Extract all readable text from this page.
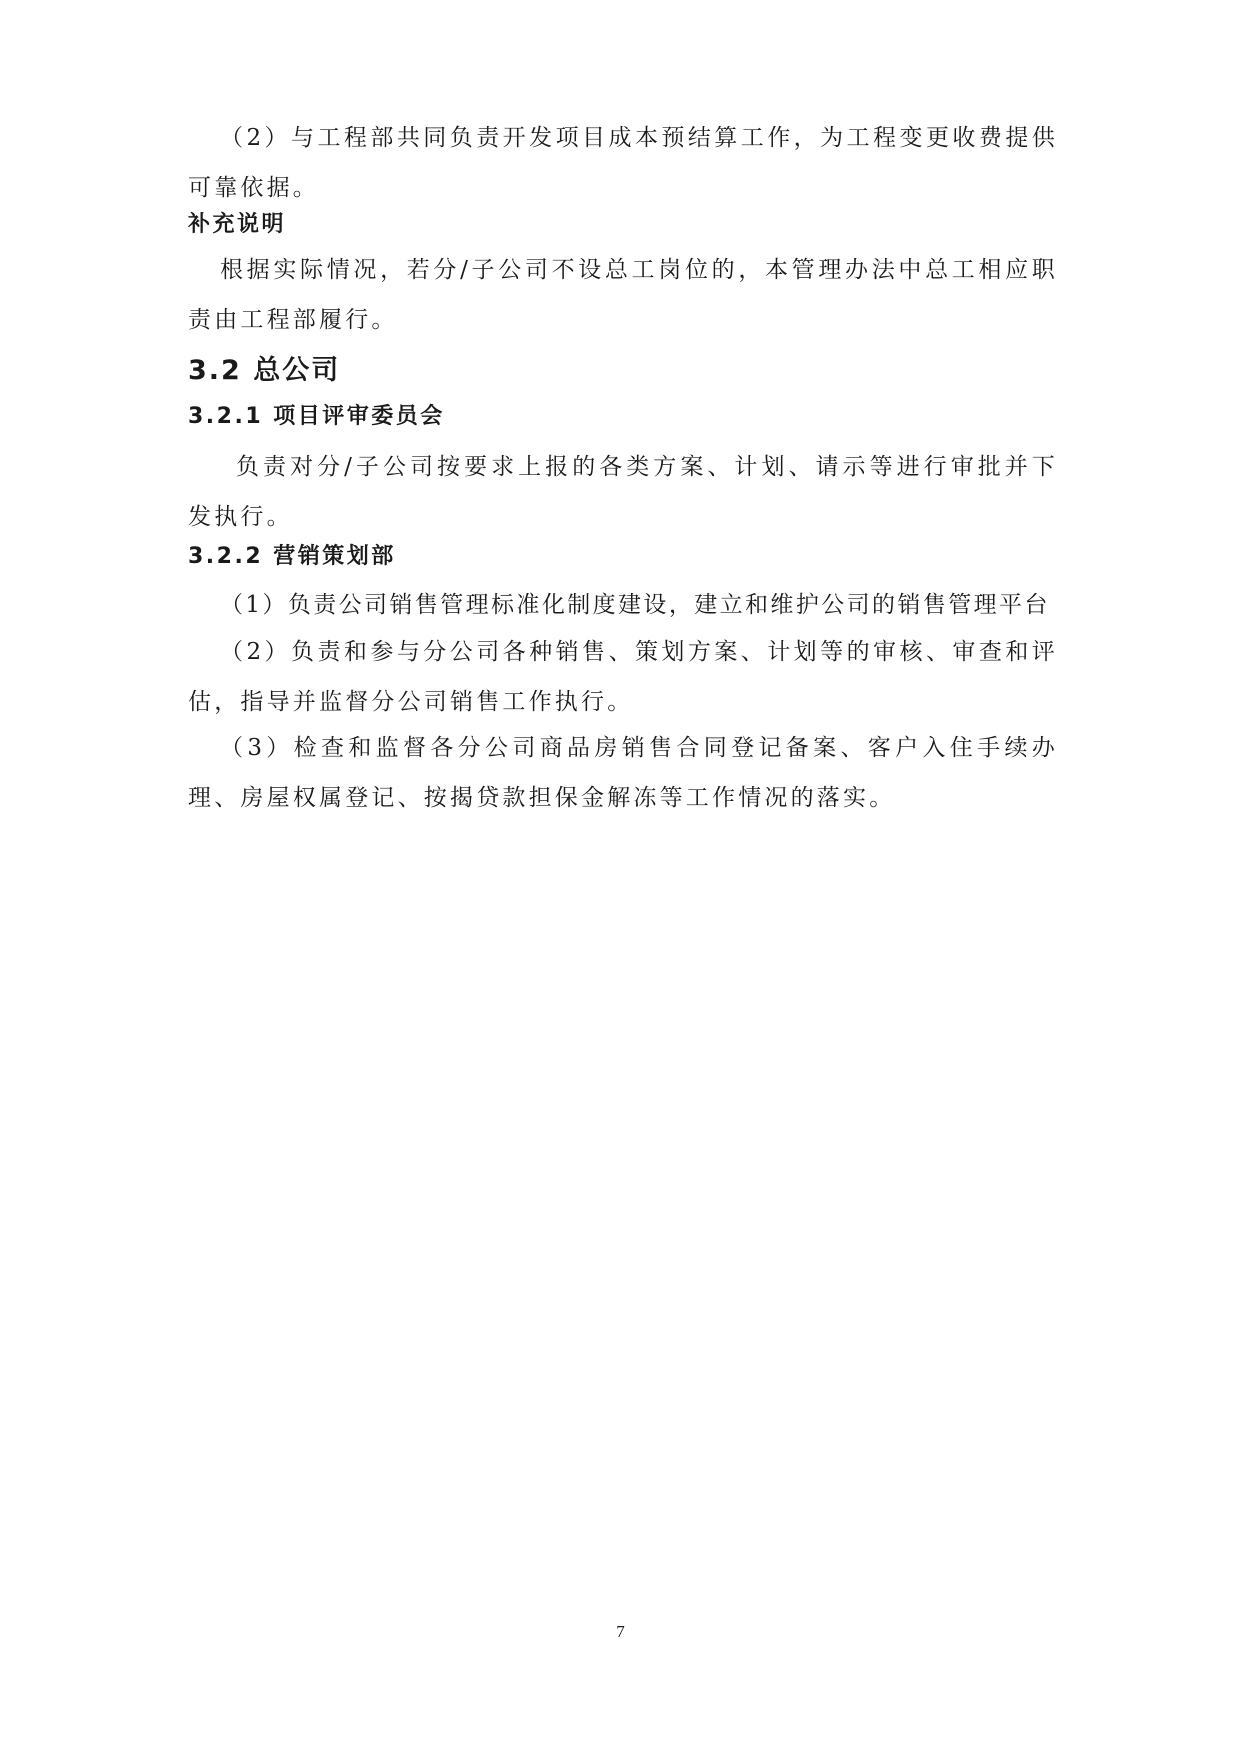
（2）与工程部共同负责开发项目成本预结算工作，为工程变更收费提供可靠依据。

补充说明

根据实际情况，若分/子公司不设总工岗位的，本管理办法中总工相应职责由工程部履行。

3.2 总公司

3.2.1 项目评审委员会

负责对分/子公司按要求上报的各类方案、计划、请示等进行审批并下发执行。

3.2.2 营销策划部

（1）负责公司销售管理标准化制度建设，建立和维护公司的销售管理平台

（2）负责和参与分公司各种销售、策划方案、计划等的审核、审查和评估，指导并监督分公司销售工作执行。

（3）检查和监督各分公司商品房销售合同登记备案、客户入住手续办理、房屋权属登记、按揭贷款担保金解冻等工作情况的落实。

7
